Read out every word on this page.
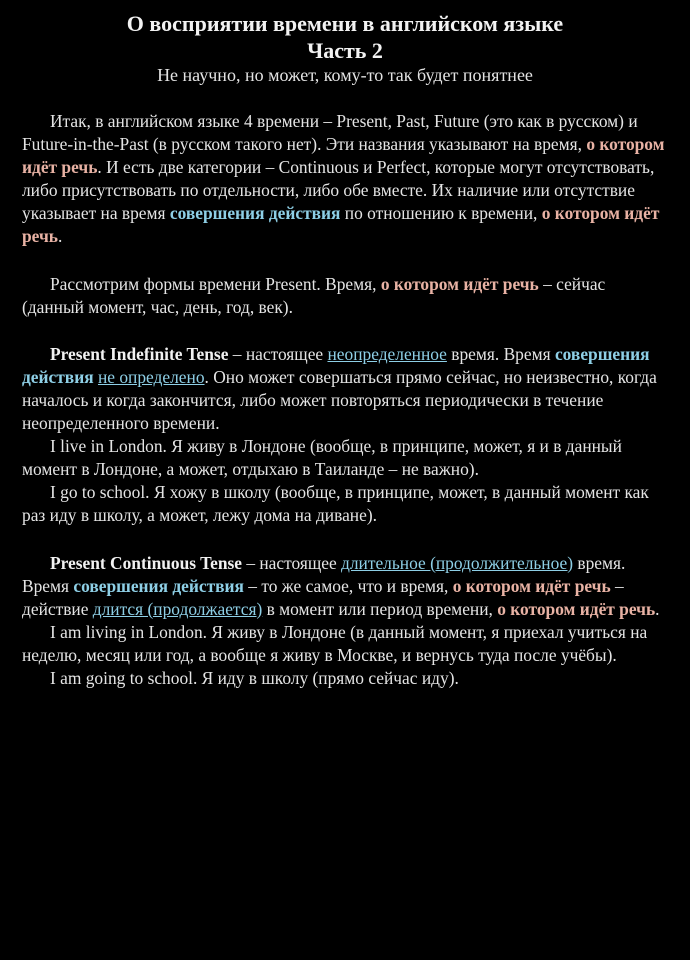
О восприятии времени в английском языке
Часть 2
Не научно, но может, кому-то так будет понятнее

Итак, в английском языке 4 времени – Present, Past, Future (это как в русском) и Future-in-the-Past (в русском такого нет). Эти названия указывают на время, о котором идёт речь. И есть две категории – Continuous и Perfect, которые могут отсутствовать, либо присутствовать по отдельности, либо обе вместе. Их наличие или отсутствие указывает на время совершения действия по отношению к времени, о котором идёт речь.

Рассмотрим формы времени Present. Время, о котором идёт речь – сейчас (данный момент, час, день, год, век).

Present Indefinite Tense – настоящее неопределенное время. Время совершения действия не определено. Оно может совершаться прямо сейчас, но неизвестно, когда началось и когда закончится, либо может повторяться периодически в течение неопределенного времени.

I live in London. Я живу в Лондоне (вообще, в принципе, может, я и в данный момент в Лондоне, а может, отдыхаю в Таиланде – не важно).

I go to school. Я хожу в школу (вообще, в принципе, может, в данный момент как раз иду в школу, а может, лежу дома на диване).

Present Continuous Tense – настоящее длительное (продолжительное) время. Время совершения действия – то же самое, что и время, о котором идёт речь – действие длится (продолжается) в момент или период времени, о котором идёт речь.

I am living in London. Я живу в Лондоне (в данный момент, я приехал учиться на неделю, месяц или год, а вообще я живу в Москве, и вернусь туда после учёбы).

I am going to school. Я иду в школу (прямо сейчас иду).
